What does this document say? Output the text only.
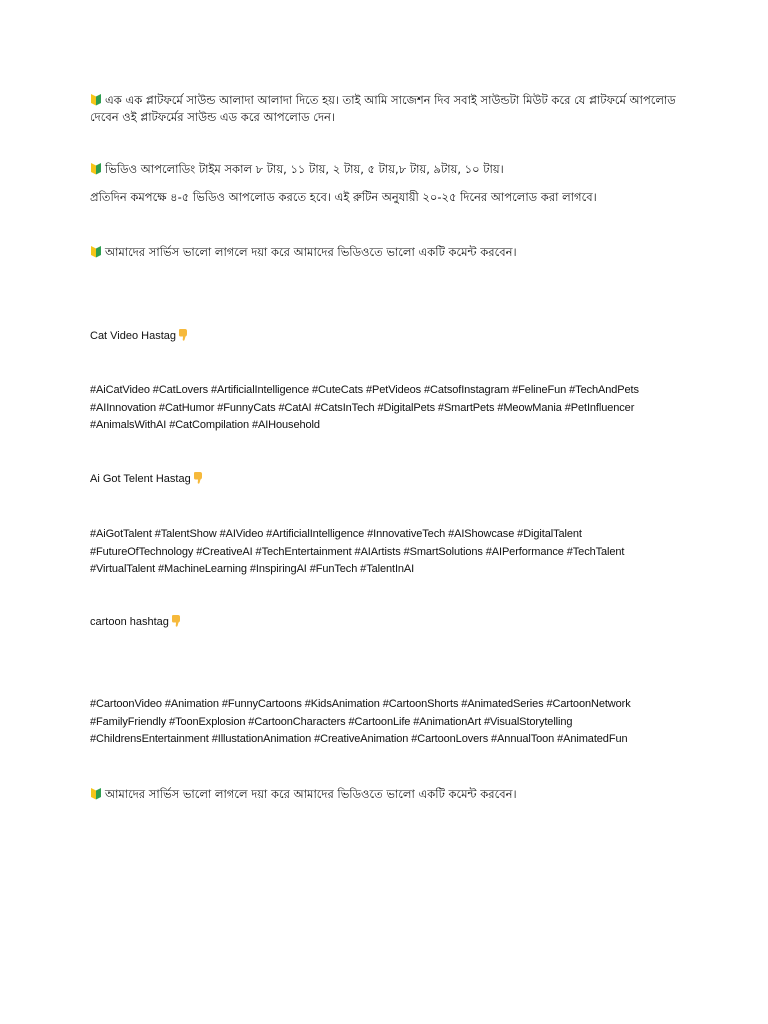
এক এক প্লাটফর্মে সাউন্ড আলাদা আলাদা দিতে হয়। তাই আমি সাজেশন দিব সবাই সাউন্ডটা মিউট করে যে প্লাটফর্মে আপলোড দেবেন ওই প্লাটফর্মের সাউন্ড এড করে আপলোড দেন।

ভিডিও আপলোডিং টাইম সকাল ৮ টায়, ১১ টায়, ২ টায়, ৫ টায়,৮ টায়, ৯টায়, ১০ টায়।

প্রতিদিন কমপক্ষে ৪-৫ ভিডিও আপলোড করতে হবে। এই রুটিন অনুযায়ী ২০-২৫ দিনের আপলোড করা লাগবে।

আমাদের সার্ভিস ভালো লাগলে দয়া করে আমাদের ভিডিওতে ভালো একটি কমেন্ট করবেন।

Cat Video Hastag

#AiCatVideo #CatLovers #ArtificialIntelligence #CuteCats #PetVideos #CatsofInstagram #FelineFun #TechAndPets
#AIInnovation #CatHumor #FunnyCats #CatAI #CatsInTech #DigitalPets #SmartPets #MeowMania #PetInfluencer
#AnimalsWithAI #CatCompilation #AIHousehold

Ai Got Telent Hastag

#AiGotTalent #TalentShow #AIVideo #ArtificialIntelligence #InnovativeTech #AIShowcase #DigitalTalent
#FutureOfTechnology #CreativeAI #TechEntertainment #AIArtists #SmartSolutions #AIPerformance #TechTalent
#VirtualTalent #MachineLearning #InspiringAI #FunTech #TalentInAI

cartoon hashtag

#CartoonVideo #Animation #FunnyCartoons #KidsAnimation #CartoonShorts #AnimatedSeries #CartoonNetwork
#FamilyFriendly #ToonExplosion #CartoonCharacters #CartoonLife #AnimationArt #VisualStorytelling
#ChildrensEntertainment #IllustationAnimation #CreativeAnimation #CartoonLovers #AnnualToon #AnimatedFun

আমাদের সার্ভিস ভালো লাগলে দয়া করে আমাদের ভিডিওতে ভালো একটি কমেন্ট করবেন।
